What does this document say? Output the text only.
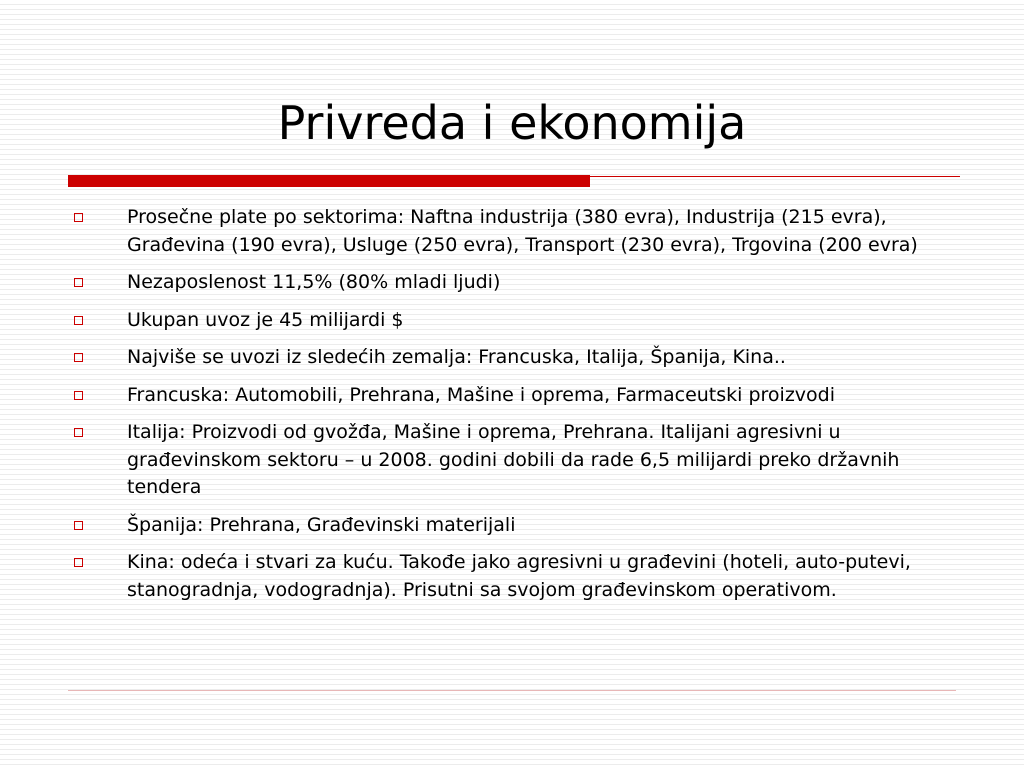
Privreda i ekonomija
Prosečne plate po sektorima: Naftna industrija (380 evra), Industrija (215 evra), Građevina (190 evra), Usluge (250 evra), Transport (230 evra), Trgovina (200 evra)
Nezaposlenost 11,5% (80% mladi ljudi)
Ukupan uvoz je 45 milijardi $
Najviše se uvozi iz sledećih zemalja: Francuska, Italija, Španija, Kina..
Francuska: Automobili, Prehrana, Mašine i oprema, Farmaceutski proizvodi
Italija: Proizvodi od gvožđa, Mašine i oprema, Prehrana. Italijani agresivni u građevinskom sektoru – u 2008. godini dobili da rade 6,5 milijardi preko državnih tendera
Španija: Prehrana, Građevinski materijali
Kina: odeća i stvari za kuću. Takođe jako agresivni u građevini (hoteli, auto-putevi, stanogradnja, vodogradnja). Prisutni sa svojom građevinskom operativom.
